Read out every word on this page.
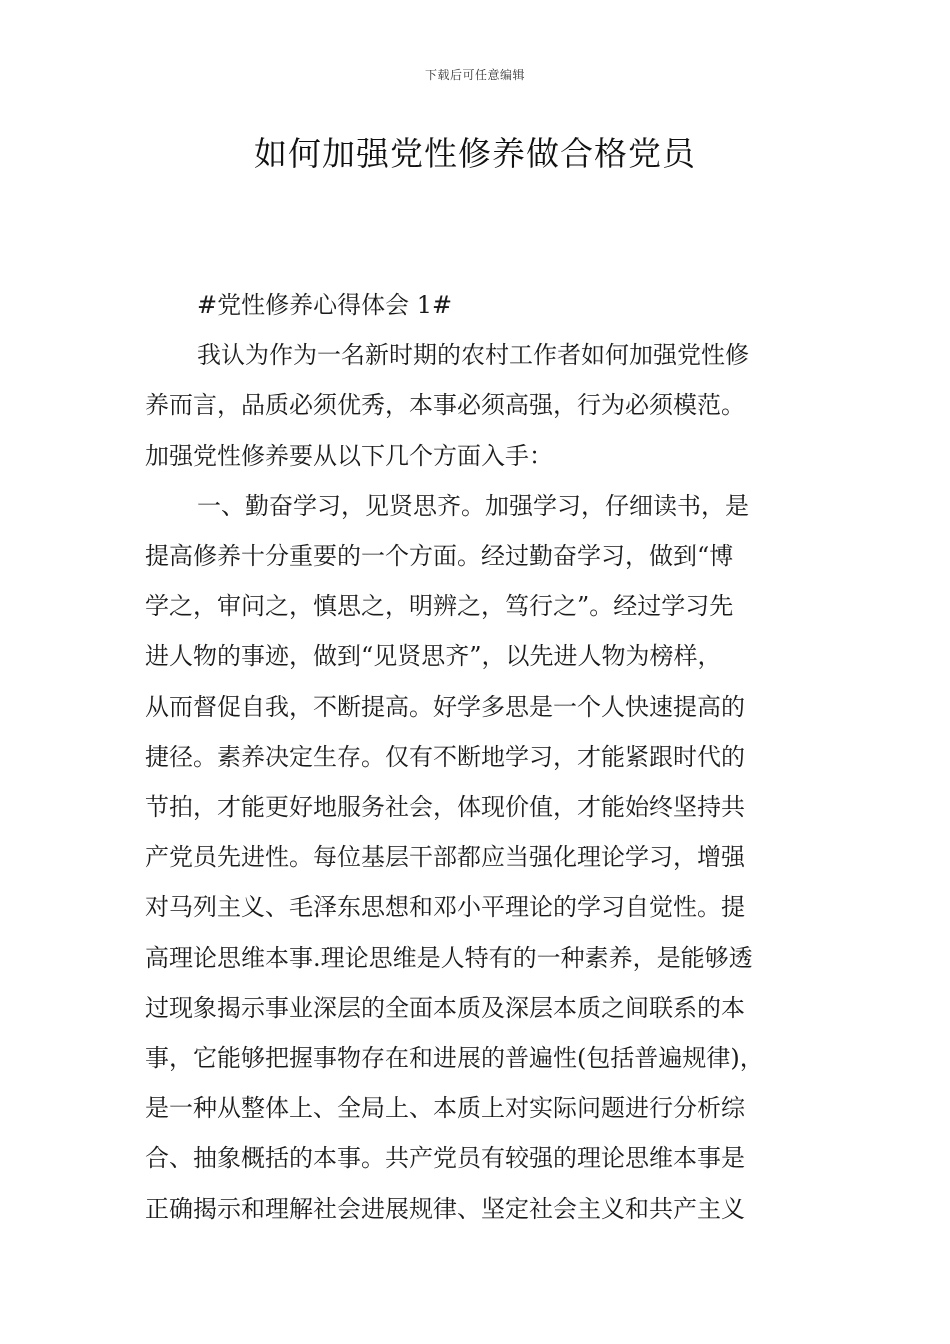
下载后可任意编辑
如何加强党性修养做合格党员
#党性修养心得体会 1#
我认为作为一名新时期的农村工作者如何加强党性修
养而言，品质必须优秀，本事必须高强，行为必须模范。
加强党性修养要从以下几个方面入手：
一、勤奋学习，见贤思齐。加强学习，仔细读书，是
提高修养十分重要的一个方面。经过勤奋学习，做到“博
学之，审问之，慎思之，明辨之，笃行之”。经过学习先
进人物的事迹，做到“见贤思齐”，以先进人物为榜样，
从而督促自我，不断提高。好学多思是一个人快速提高的
捷径。素养决定生存。仅有不断地学习，才能紧跟时代的
节拍，才能更好地服务社会，体现价值，才能始终坚持共
产党员先进性。每位基层干部都应当强化理论学习，增强
对马列主义、毛泽东思想和邓小平理论的学习自觉性。提
高理论思维本事.理论思维是人特有的一种素养，是能够透
过现象揭示事业深层的全面本质及深层本质之间联系的本
事，它能够把握事物存在和进展的普遍性(包括普遍规律)，
是一种从整体上、全局上、本质上对实际问题进行分析综
合、抽象概括的本事。共产党员有较强的理论思维本事是
正确揭示和理解社会进展规律、坚定社会主义和共产主义
